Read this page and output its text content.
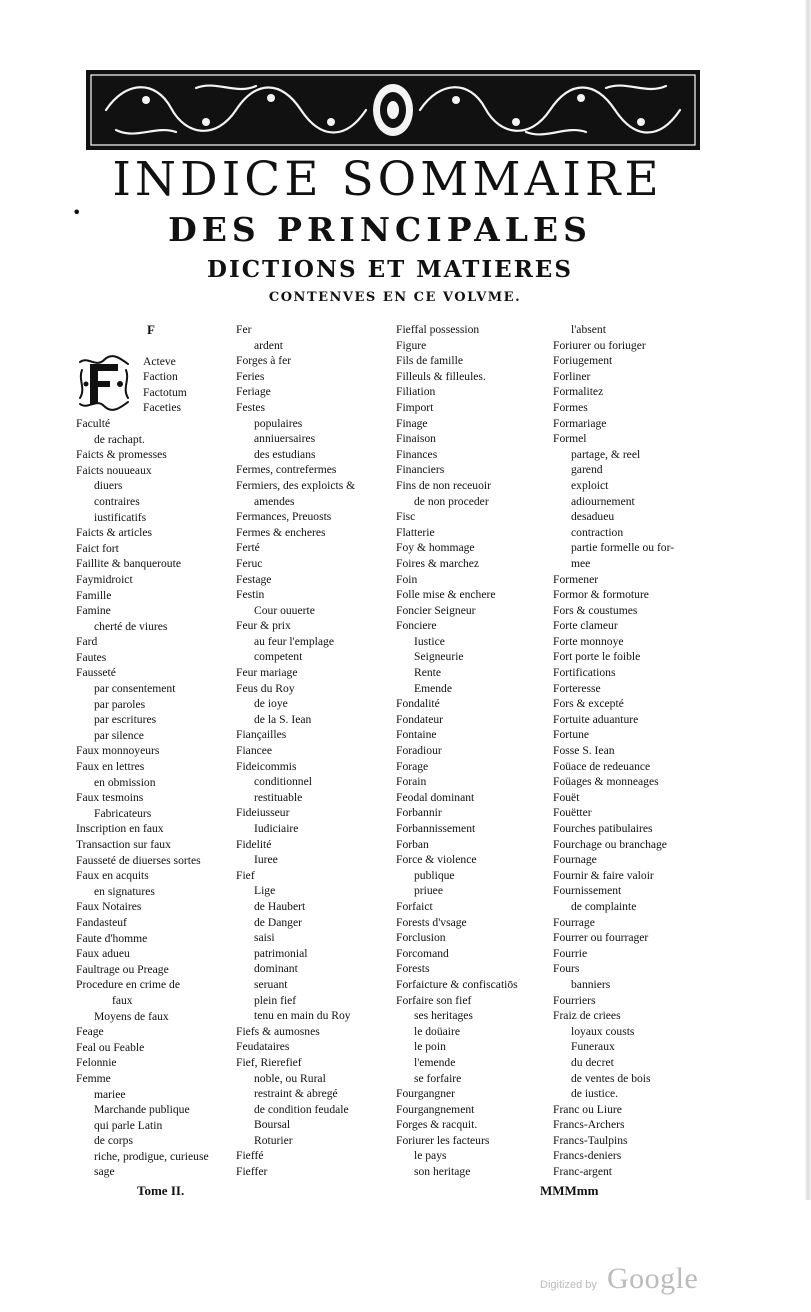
INDICE SOMMAIRE
•	DES PRINCIPALES
DICTIONS ET MATIERES
CONTENVES EN CE VOLVME.
F
Acteve
Faction
Factotum
Faceties
Faculté
de rachapt.
Faicts & promesses
Faicts nouueaux
diuers
contraires
iustificatifs
Faicts & articles
Faict fort
Faillite & banqueroute
Faymidroict
Famille
Famine
cherté de viures
Fard
Fautes
Fausseté
par consentement
par paroles
par escritures
par silence
Faux monnoyeurs
Faux en lettres
en obmission
Faux tesmoins
Fabricateurs
Inscription en faux
Transaction sur faux
Fausseté de diuerses sortes
Faux en acquits
en signatures
Faux Notaires
Fandasteuf
Faute d'homme
Faux adueu
Faultrage ou Preage
Procedure en crime de
faux
Moyens de faux
Feage
Feal ou Feable
Felonnie
Femme
mariee
Marchande publique
qui parle Latin
de corps
riche, prodigue, curieuse
sage
Fer
ardent
Forges à fer
Feries
Feriage
Festes
populaires
anniuersaires
des estudians
Fermes, contrefermes
Fermiers, des exploicts &
amendes
Fermances, Preuosts
Fermes & encheres
Ferté
Feruc
Festage
Festin
Cour ouuerte
Feur & prix
au feur l'emplage
competent
Feur mariage
Feus du Roy
de ioye
de la S. Iean
Fiançailles
Fiancee
Fideicommis
conditionnel
restituable
Fideiusseur
Iudiciaire
Fidelité
Iuree
Fief
Lige
de Haubert
de Danger
saisi
patrimonial
dominant
seruant
plein fief
tenu en main du Roy
Fiefs & aumosnes
Feudataires
Fief, Rierefief
noble, ou Rural
restraint & abregé
de condition feudale
Boursal
Roturier
Fieffé
Fieffer
Fieffal possession
Figure
Fils de famille
Filleuls & filleules.
Filiation
Fimport
Finage
Finaison
Finances
Financiers
Fins de non receuoir
de non proceder
Fisc
Flatterie
Foy & hommage
Foires & marchez
Foin
Folle mise & enchere
Foncier Seigneur
Fonciere
Iustice
Seigneurie
Rente
Emende
Fondalité
Fondateur
Fontaine
Foradiour
Forage
Forain
Feodal dominant
Forbannir
Forbannissement
Forban
Force & violence
publique
priuee
Forfaict
Forests d'vsage
Forclusion
Forcomand
Forests
Forfaicture & confiscatiōs
Forfaire son fief
ses heritages
le doüaire
le poin
l'emende
se forfaire
Fourgangner
Fourgangnement
Forges & racquit.
Foriurer les facteurs
le pays
son heritage
l'absent
Foriurer ou foriuger
Foriugement
Forliner
Formalitez
Formes
Formariage
Formel
partage, & reel
garend
exploict
adiournement
desadueu
contraction
partie formelle ou for-
mee
Formener
Formor & formoture
Fors & coustumes
Forte clameur
Forte monnoye
Fort porte le foible
Fortifications
Forteresse
Fors & excepté
Fortuite aduanture
Fortune
Fosse S. Iean
Foüace de redeuance
Foüages & monneages
Fouët
Fouëtter
Fourches patibulaires
Fourchage ou branchage
Fournage
Fournir & faire valoir
Fournissement
de complainte
Fourrage
Fourrer ou fourrager
Fourrie
Fours
banniers
Fourriers
Fraiz de criees
loyaux cousts
Funeraux
du decret
de ventes de bois
de iustice.
Franc ou Liure
Francs-Archers
Francs-Taulpins
Francs-deniers
Franc-argent
Tome II.	MMMmm
Digitized by Google
